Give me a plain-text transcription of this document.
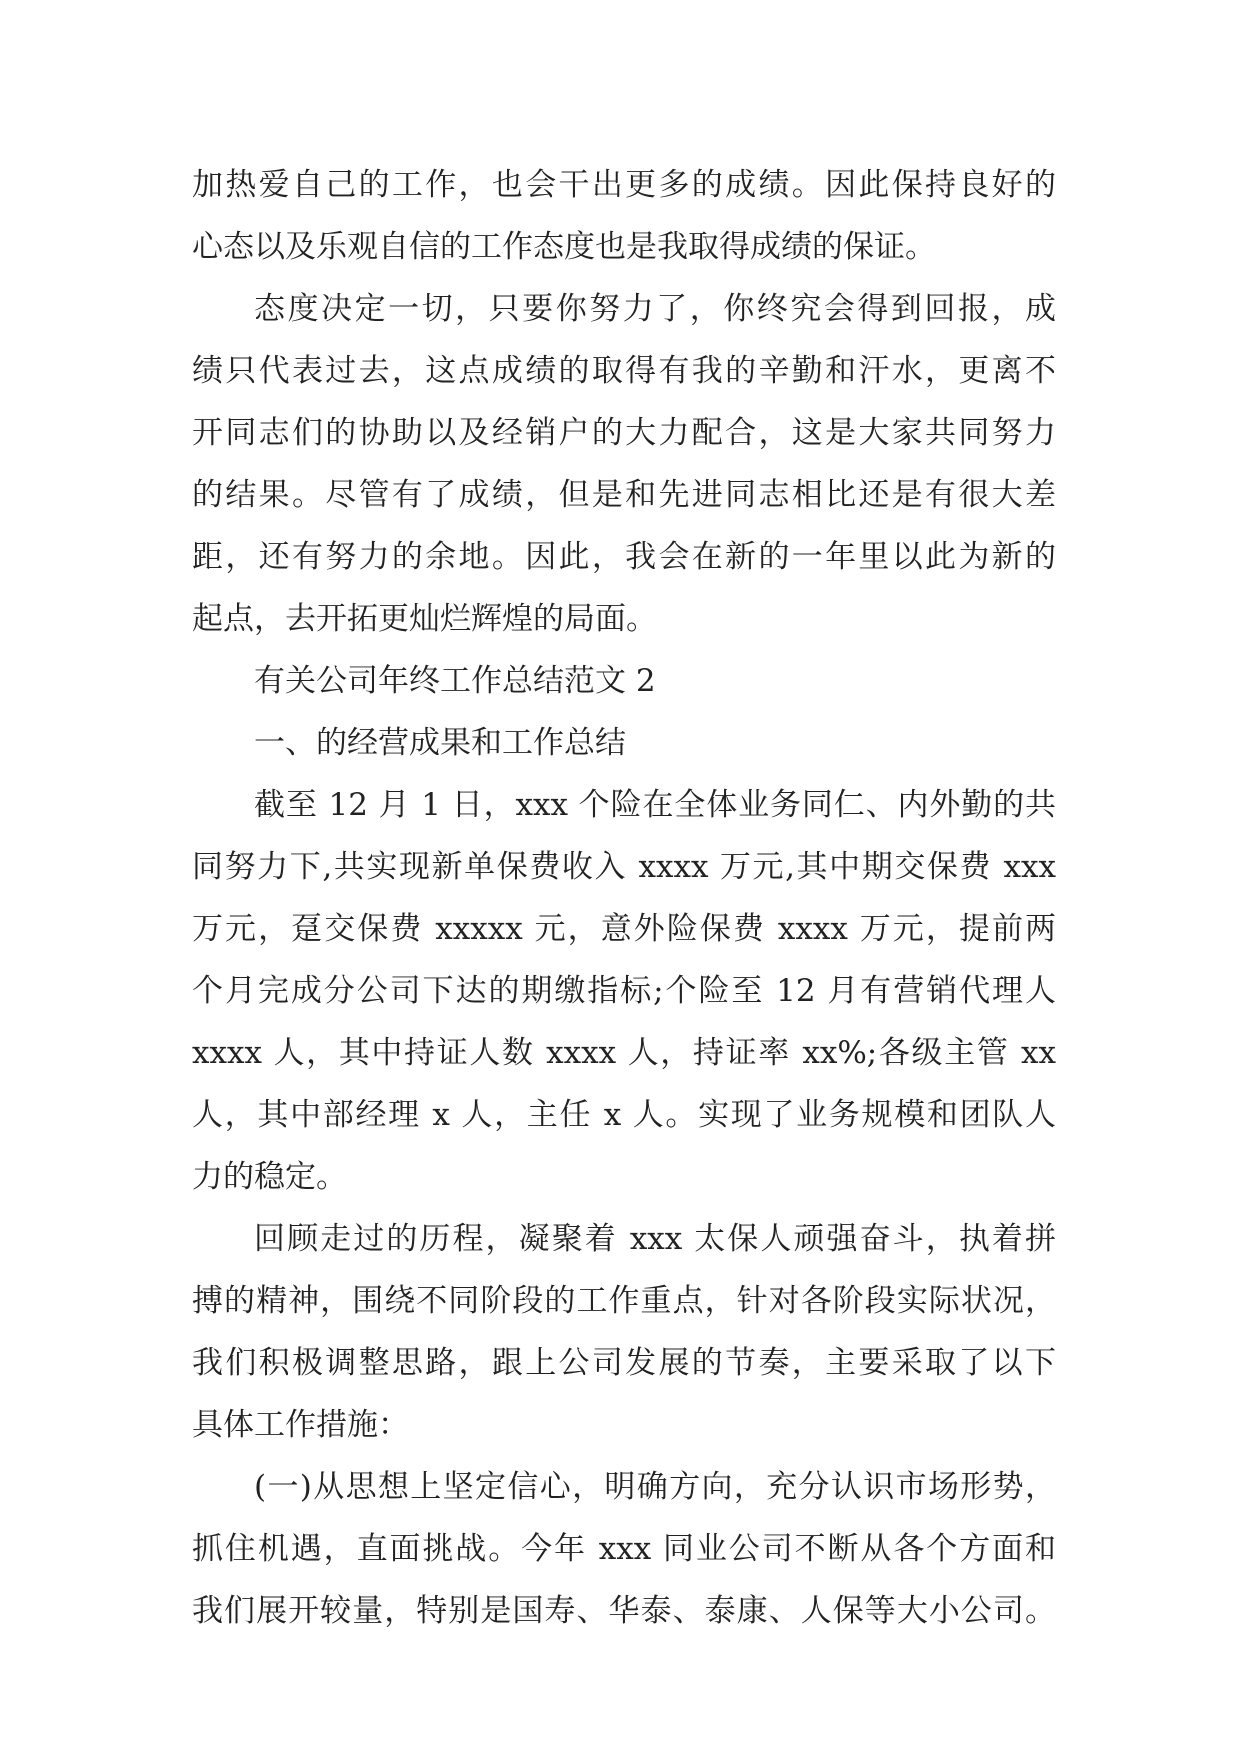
加热爱自己的工作，也会干出更多的成绩。因此保持良好的
心态以及乐观自信的工作态度也是我取得成绩的保证。
态度决定一切，只要你努力了，你终究会得到回报，成
绩只代表过去，这点成绩的取得有我的辛勤和汗水，更离不
开同志们的协助以及经销户的大力配合，这是大家共同努力
的结果。尽管有了成绩，但是和先进同志相比还是有很大差
距，还有努力的余地。因此，我会在新的一年里以此为新的
起点，去开拓更灿烂辉煌的局面。
有关公司年终工作总结范文 2
一、的经营成果和工作总结
截至 12 月 1 日，xxx 个险在全体业务同仁、内外勤的共
同努力下,共实现新单保费收入 xxxx 万元,其中期交保费 xxx
万元，趸交保费 xxxxx 元，意外险保费 xxxx 万元，提前两
个月完成分公司下达的期缴指标;个险至 12 月有营销代理人
xxxx 人，其中持证人数 xxxx 人，持证率 xx%;各级主管 xx
人，其中部经理 x 人，主任 x 人。实现了业务规模和团队人
力的稳定。
回顾走过的历程，凝聚着 xxx 太保人顽强奋斗，执着拼
搏的精神，围绕不同阶段的工作重点，针对各阶段实际状况，
我们积极调整思路，跟上公司发展的节奏，主要采取了以下
具体工作措施：
(一)从思想上坚定信心，明确方向，充分认识市场形势，
抓住机遇，直面挑战。今年 xxx 同业公司不断从各个方面和
我们展开较量，特别是国寿、华泰、泰康、人保等大小公司。
